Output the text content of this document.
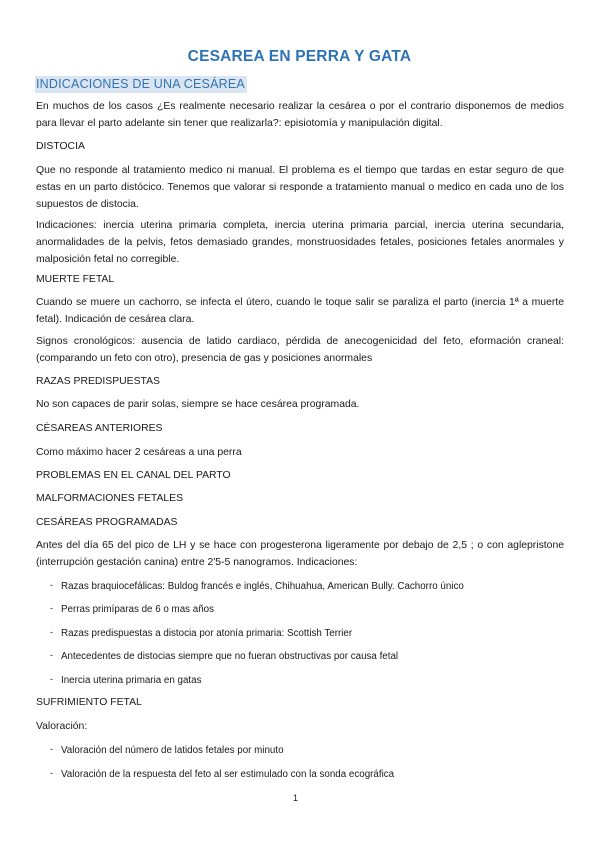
CESAREA EN PERRA Y GATA
INDICACIONES DE UNA CESÁREA

En muchos de los casos ¿Es realmente necesario realizar la cesárea o por el contrario disponemos de medios para llevar el parto adelante sin tener que realizarla?: episiotomía y manipulación digital.

DISTOCIA

Que no responde al tratamiento medico ni manual. El problema es el tiempo que tardas en estar seguro de que estas en un parto distócico. Tenemos que valorar si responde a tratamiento manual o medico en cada uno de los supuestos de distocia.

Indicaciones: inercia uterina primaria completa, inercia uterina primaria parcial, inercia uterina secundaria, anormalidades de la pelvis, fetos demasiado grandes, monstruosidades fetales, posiciones fetales anormales y malposición fetal no corregible.

MUERTE FETAL

Cuando se muere un cachorro, se infecta el útero, cuando le toque salir se paraliza el parto (inercia 1ª a muerte fetal). Indicación de cesárea clara.

Signos cronológicos: ausencia de latido cardiaco, pérdida de anecogenicidad del feto, eformación craneal: (comparando un feto con otro), presencia de gas y posiciones anormales

RAZAS PREDISPUESTAS

No son capaces de parir solas, siempre se hace cesárea programada.

CÉSAREAS ANTERIORES

Como máximo hacer 2 cesáreas a una perra

PROBLEMAS EN EL CANAL DEL PARTO

MALFORMACIONES FETALES

CESÁREAS PROGRAMADAS

Antes del día 65 del pico de LH y se hace con progesterona ligeramente por debajo de 2,5 ; o con aglepristone (interrupción gestación canina) entre 2'5-5 nanogramos. Indicaciones:

- Razas braquiocefálicas: Buldog francés e inglés, Chihuahua, American Bully. Cachorro único

- Perras primíparas de 6 o mas años

- Razas predispuestas a distocia por atonía primaria: Scottish Terrier

- Antecedentes de distocias siempre que no fueran obstructivas por causa fetal

- Inercia uterina primaria en gatas

SUFRIMIENTO FETAL

Valoración:

- Valoración del número de latidos fetales por minuto

- Valoración de la respuesta del feto al ser estimulado con la sonda ecográfica

1
